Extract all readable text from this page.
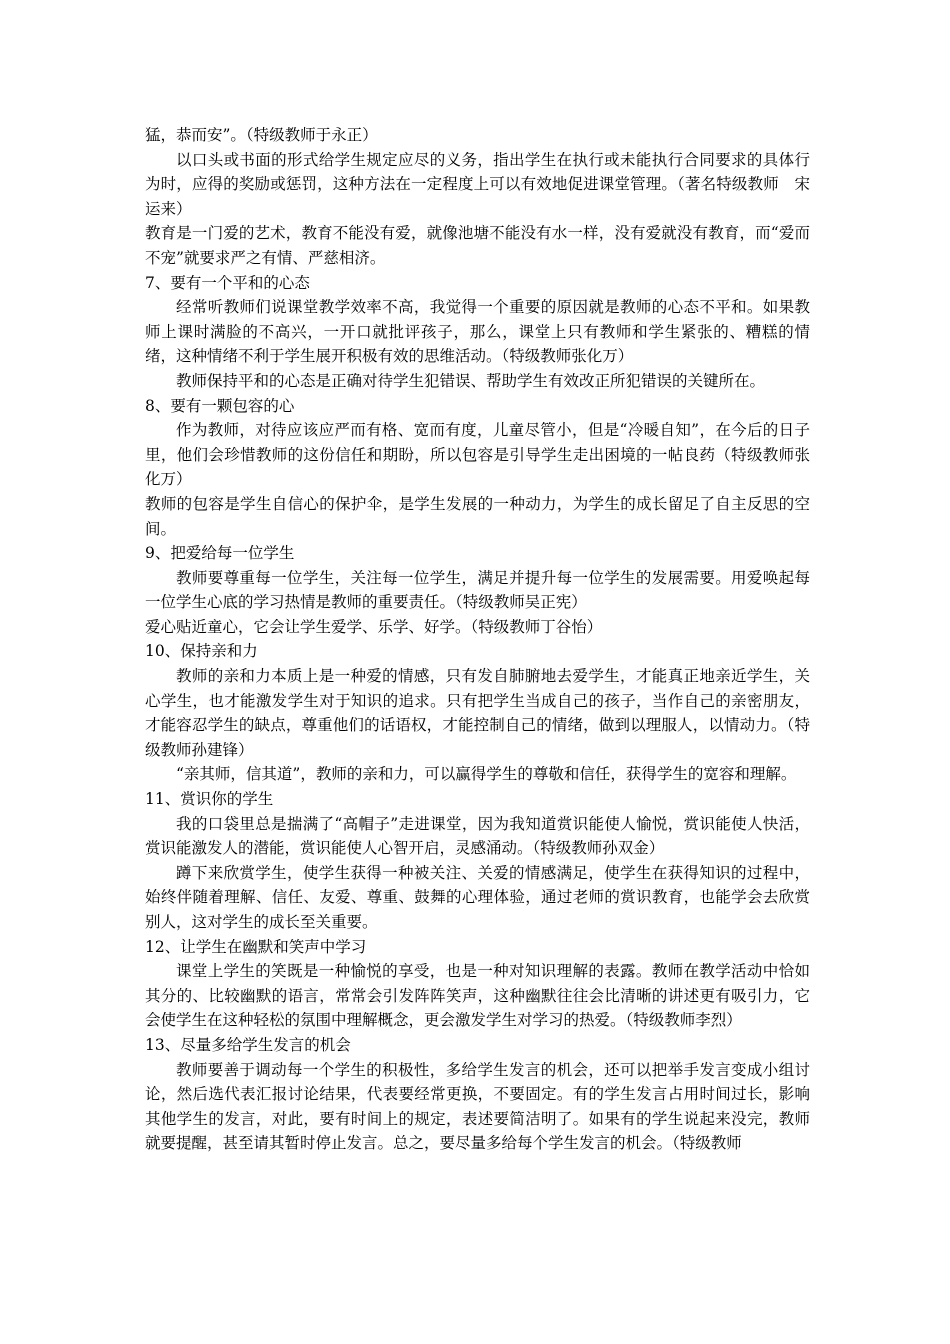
猛，恭而安”。（特级教师于永正）

以口头或书面的形式给学生规定应尽的义务，指出学生在执行或未能执行合同要求的具体行为时，应得的奖励或惩罚，这种方法在一定程度上可以有效地促进课堂管理。（著名特级教师　宋运来）

教育是一门爱的艺术，教育不能没有爱，就像池塘不能没有水一样，没有爱就没有教育，而“爱而不宠”就要求严之有情、严慈相济。

7、要有一个平和的心态

经常听教师们说课堂教学效率不高，我觉得一个重要的原因就是教师的心态不平和。如果教师上课时满脸的不高兴，一开口就批评孩子，那么，课堂上只有教师和学生紧张的、糟糕的情绪，这种情绪不利于学生展开积极有效的思维活动。（特级教师张化万）

教师保持平和的心态是正确对待学生犯错误、帮助学生有效改正所犯错误的关键所在。

8、要有一颗包容的心

作为教师，对待应该应严而有格、宽而有度，儿童尽管小，但是“冷暖自知”，在今后的日子里，他们会珍惜教师的这份信任和期盼，所以包容是引导学生走出困境的一帖良药（特级教师张化万）

教师的包容是学生自信心的保护伞，是学生发展的一种动力，为学生的成长留足了自主反思的空间。

9、把爱给每一位学生

教师要尊重每一位学生，关注每一位学生，满足并提升每一位学生的发展需要。用爱唤起每一位学生心底的学习热情是教师的重要责任。（特级教师吴正宪）

爱心贴近童心，它会让学生爱学、乐学、好学。（特级教师丁谷怡）

10、保持亲和力

教师的亲和力本质上是一种爱的情感，只有发自肺腑地去爱学生，才能真正地亲近学生，关心学生，也才能激发学生对于知识的追求。只有把学生当成自己的孩子，当作自己的亲密朋友，才能容忍学生的缺点，尊重他们的话语权，才能控制自己的情绪，做到以理服人，以情动力。（特级教师孙建锋）

“亲其师，信其道”，教师的亲和力，可以赢得学生的尊敬和信任，获得学生的宽容和理解。

11、赏识你的学生

我的口袋里总是揣满了“高帽子”走进课堂，因为我知道赏识能使人愉悦，赏识能使人快活，赏识能激发人的潜能，赏识能使人心智开启，灵感涌动。（特级教师孙双金）

蹲下来欣赏学生，使学生获得一种被关注、关爱的情感满足，使学生在获得知识的过程中，始终伴随着理解、信任、友爱、尊重、鼓舞的心理体验，通过老师的赏识教育，也能学会去欣赏别人，这对学生的成长至关重要。

12、让学生在幽默和笑声中学习

课堂上学生的笑既是一种愉悦的享受，也是一种对知识理解的表露。教师在教学活动中恰如其分的、比较幽默的语言，常常会引发阵阵笑声，这种幽默往往会比清晰的讲述更有吸引力，它会使学生在这种轻松的氛围中理解概念，更会激发学生对学习的热爱。（特级教师李烈）

13、尽量多给学生发言的机会

教师要善于调动每一个学生的积极性，多给学生发言的机会，还可以把举手发言变成小组讨论，然后选代表汇报讨论结果，代表要经常更换，不要固定。有的学生发言占用时间过长，影响其他学生的发言，对此，要有时间上的规定，表述要简洁明了。如果有的学生说起来没完，教师就要提醒，甚至请其暂时停止发言。总之，要尽量多给每个学生发言的机会。（特级教师
